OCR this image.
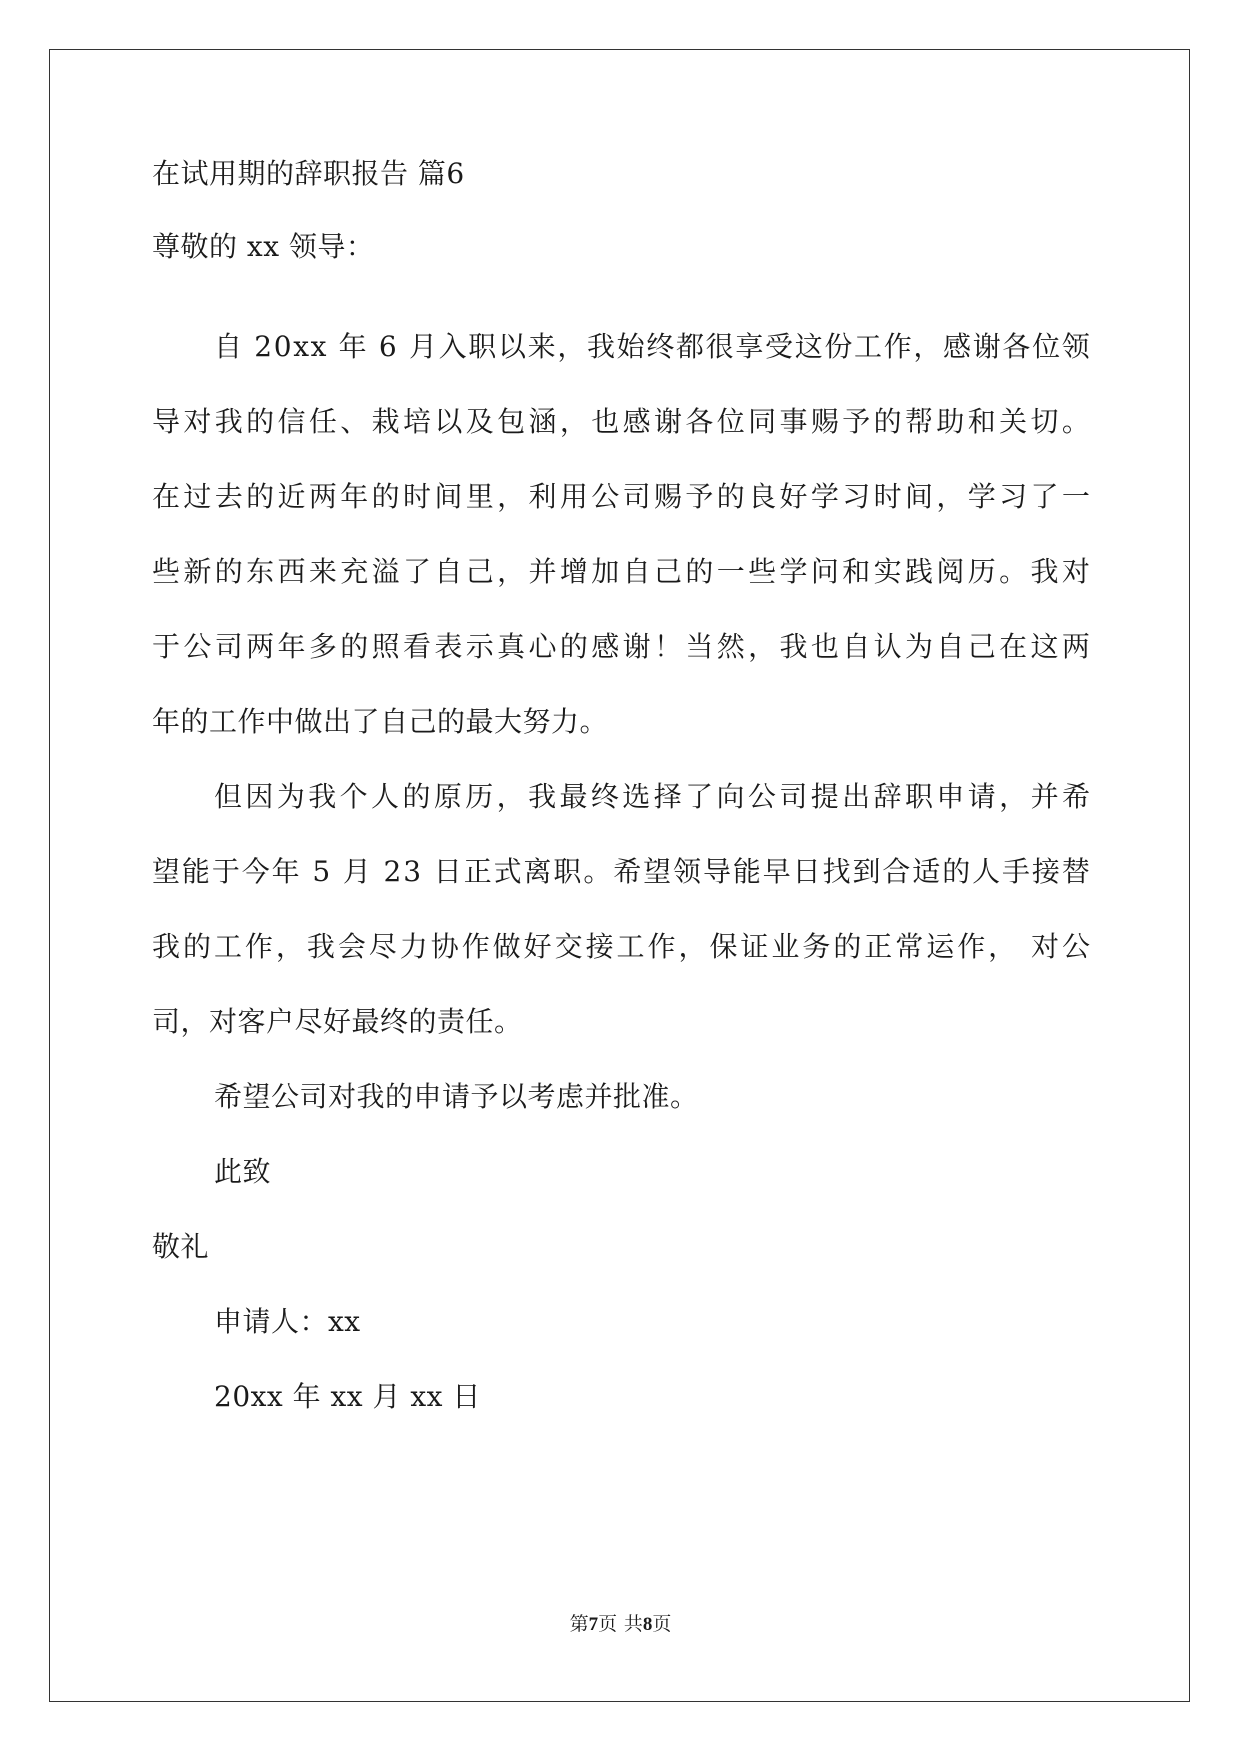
在试用期的辞职报告 篇6
尊敬的 xx 领导：
自
2 0 x x
年
6
月 入 职 以 来 ， 我 始 终 都 很 享 受 这 份 工 作 ， 感 谢 各 位 领
导 对 我 的 信 任 、 栽 培 以 及 包 涵 ， 也 感 谢 各 位 同 事 赐 予 的 帮 助 和 关 切 。
在 过 去 的 近 两 年 的 时 间 里 ， 利 用 公 司 赐 予 的 良 好 学 习 时 间 ， 学 习 了 一
些 新 的 东 西 来 充 溢 了 自 己 ， 并 增 加 自 己 的 一 些 学 问 和 实 践 阅 历 。 我 对
于 公 司 两 年 多 的 照 看 表 示 真 心 的 感 谢 ！ 当 然 ， 我 也 自 认 为 自 己 在 这 两
年的工作中做出了自己的最大努力。
但 因 为 我 个 人 的 原 历 ， 我 最 终 选 择 了 向 公 司 提 出 辞 职 申 请 ， 并 希
望 能 于 今 年
5
月
2 3
日 正 式 离 职 。 希 望 领 导 能 早 日 找 到 合 适 的 人 手 接 替
我 的 工 作 ， 我 会 尽 力 协 作 做 好 交 接 工 作 ， 保 证 业 务 的 正 常 运 作 ，
对 公
司，对客户尽好最终的责任。
希望公司对我的申请予以考虑并批准。
此致
敬礼
申请人：xx
20xx 年 xx 月 xx 日
第7页 共8页
